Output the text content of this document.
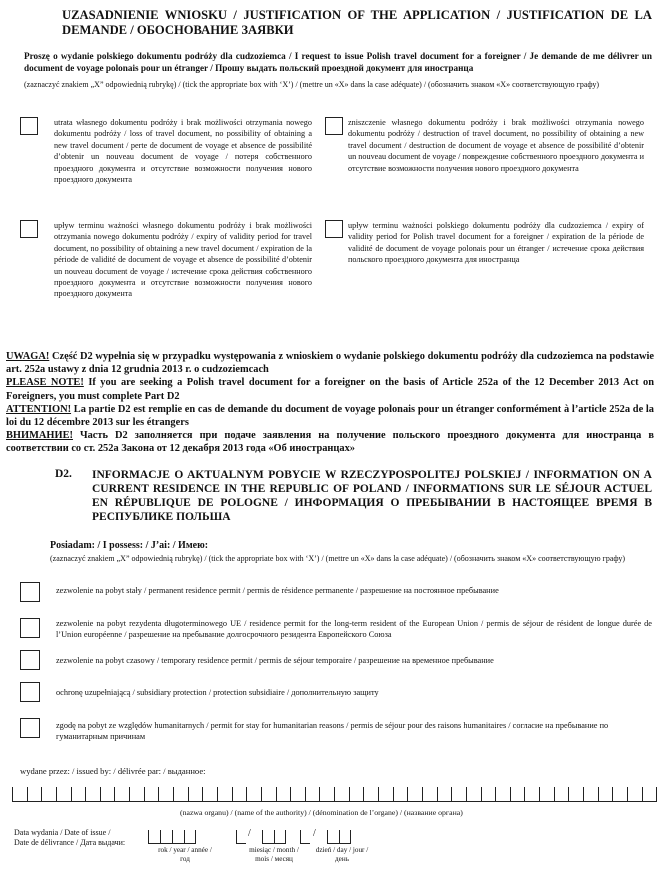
UZASADNIENIE WNIOSKU / JUSTIFICATION OF THE APPLICATION / JUSTIFICATION DE LA DEMANDE / ОБОСНОВАНИЕ ЗАЯВКИ
Proszę o wydanie polskiego dokumentu podróży dla cudzoziemca / I request to issue Polish travel document for a foreigner / Je demande de me délivrer un document de voyage polonais pour un étranger / Прошу выдать польский проездной документ для иностранца
(zaznaczyć znakiem „X” odpowiednią rubrykę) / (tick the appropriate box with ‘X’) / (mettre un «X» dans la case adéquate) / (обозначить знаком «X» соответствующую графу)
utrata własnego dokumentu podróży i brak możliwości otrzymania nowego dokumentu podróży / loss of travel document, no possibility of obtaining a new travel document / perte de document de voyage et absence de possibilité d’obtenir un nouveau document de voyage / потеря собственного проездного документа и отсутствие возможности получения нового проездного документа
zniszczenie własnego dokumentu podróży i brak możliwości otrzymania nowego dokumentu podróży / destruction of travel document, no possibility of obtaining a new travel document / destruction de document de voyage et absence de possibilité d’obtenir un nouveau document de voyage / повреждение собственного проездного документа и отсутствие возможности получения нового проездного документа
upływ terminu ważności własnego dokumentu podróży i brak możliwości otrzymania nowego dokumentu podróży / expiry of validity period for travel document, no possibility of obtaining a new travel document / expiration de la période de validité de document de voyage et absence de possibilité d’obtenir un nouveau document de voyage / истечение срока действия собственного проездного документа и отсутствие возможности получения нового проездного документа
upływ terminu ważności polskiego dokumentu podróży dla cudzoziemca / expiry of validity period for Polish travel document for a foreigner / expiration de la période de validité de document de voyage polonais pour un étranger / истечение срока действия польского проездного документа для иностранца
UWAGA! Część D2 wypełnia się w przypadku występowania z wnioskiem o wydanie polskiego dokumentu podróży dla cudzoziemca na podstawie art. 252a ustawy z dnia 12 grudnia 2013 r. o cudzoziemcach
PLEASE NOTE! If you are seeking a Polish travel document for a foreigner on the basis of Article 252a of the 12 December 2013 Act on Foreigners, you must complete Part D2
ATTENTION! La partie D2 est remplie en cas de demande du document de voyage polonais pour un étranger conformément à l’article 252a de la loi du 12 décembre 2013 sur les étrangers
ВНИМАНИЕ! Часть D2 заполняется при подаче заявления на получение польского проездного документа для иностранца в соответствии со ст. 252a Закона от 12 декабря 2013 года «Об иностранцах»
D2. INFORMACJE O AKTUALNYM POBYCIE W RZECZYPOSPOLITEJ POLSKIEJ / INFORMATION ON A CURRENT RESIDENCE IN THE REPUBLIC OF POLAND / INFORMATIONS SUR LE SÉJOUR ACTUEL EN RÉPUBLIQUE DE POLOGNE / ИНФОРМАЦИЯ О ПРЕБЫВАНИИ В НАСТОЯЩЕЕ ВРЕМЯ В РЕСПУБЛИКЕ ПОЛЬША
Posiadam: / I possess: / J’ai: / Имею:
(zaznaczyć znakiem „X” odpowiednią rubrykę) / (tick the appropriate box with ‘X’) / (mettre un «X» dans la case adéquate) / (обозначить знаком «X» соответствующую графу)
zezwolenie na pobyt stały / permanent residence permit / permis de résidence permanente / разрешение на постоянное пребывание
zezwolenie na pobyt rezydenta długoterminowego UE / residence permit for the long-term resident of the European Union / permis de séjour de résident de longue durée de l’Union européenne / разрешение на пребывание долгосрочного резидента Европейского Союза
zezwolenie na pobyt czasowy / temporary residence permit / permis de séjour temporaire / разрешение на временное пребывание
ochronę uzupełniającą / subsidiary protection / protection subsidiaire / дополнительную защиту
zgodę na pobyt ze względów humanitarnych / permit for stay for humanitarian reasons / permis de séjour pour des raisons humanitaires / согласие на пребывание по гуманитарным причинам
wydane przez: / issued by: / délivrée par: / выданное:
(nazwa organu) / (name of the authority) / (dénomination de l’organe) / (название органа)
Data wydania / Date of issue /
Date de délivrance / Дата выдачи:
/	/
rok / year / année /
год
miesiąc / month /
mois / месяц
dzień / day / jour /
день
